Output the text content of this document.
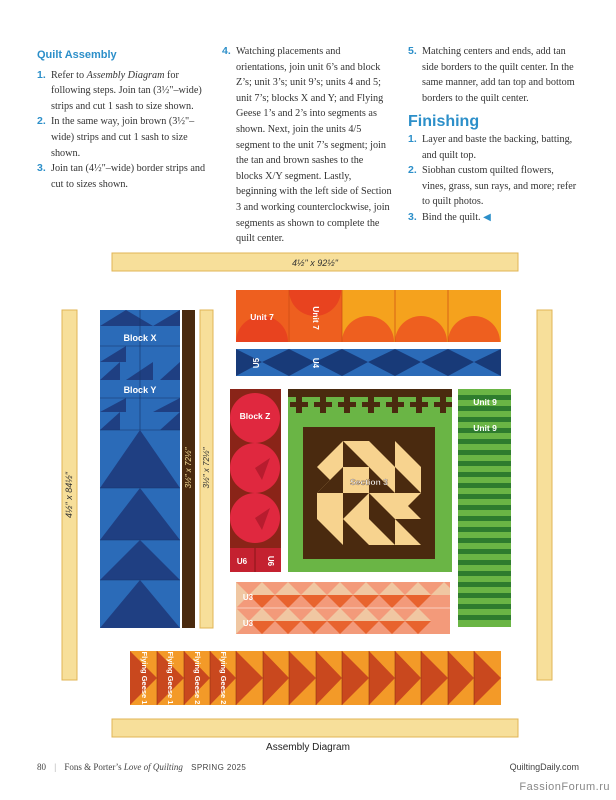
Quilt Assembly
1. Refer to Assembly Diagram for following steps. Join tan (3½"–wide) strips and cut 1 sash to size shown.
2. In the same way, join brown (3½"–wide) strips and cut 1 sash to size shown.
3. Join tan (4½"–wide) border strips and cut to sizes shown.
4. Watching placements and orientations, join unit 6’s and block Z’s; unit 3’s; unit 9’s; units 4 and 5; unit 7’s; blocks X and Y; and Flying Geese 1’s and 2’s into segments as shown. Next, join the units 4/5 segment to the unit 7’s segment; join the tan and brown sashes to the blocks X/Y segment. Lastly, beginning with the left side of Section 3 and working counterclockwise, join segments as shown to complete the quilt center.
5. Matching centers and ends, add tan side borders to the quilt center. In the same manner, add tan top and bottom borders to the quilt center.
Finishing
1. Layer and baste the backing, batting, and quilt top.
2. Siobhan custom quilted flowers, vines, grass, sun rays, and more; refer to quilt photos.
3. Bind the quilt. ◀
4½" x 92½"
4½" x 84½"
Block X
Block Y
3½" x 72½" 3½" x 72½"
Unit 7	Unit 7
U5	U4
Block Z
U6 U6
Section 3
Unit 9
Unit 9
U3
U3
Flying Geese 1 Flying Geese 1 Flying Geese 2 Flying Geese 2
Assembly Diagram
80 | Fons & Porter’s Love of Quilting SPRING 2025	QuiltingDaily.com
FassionForum.ru
